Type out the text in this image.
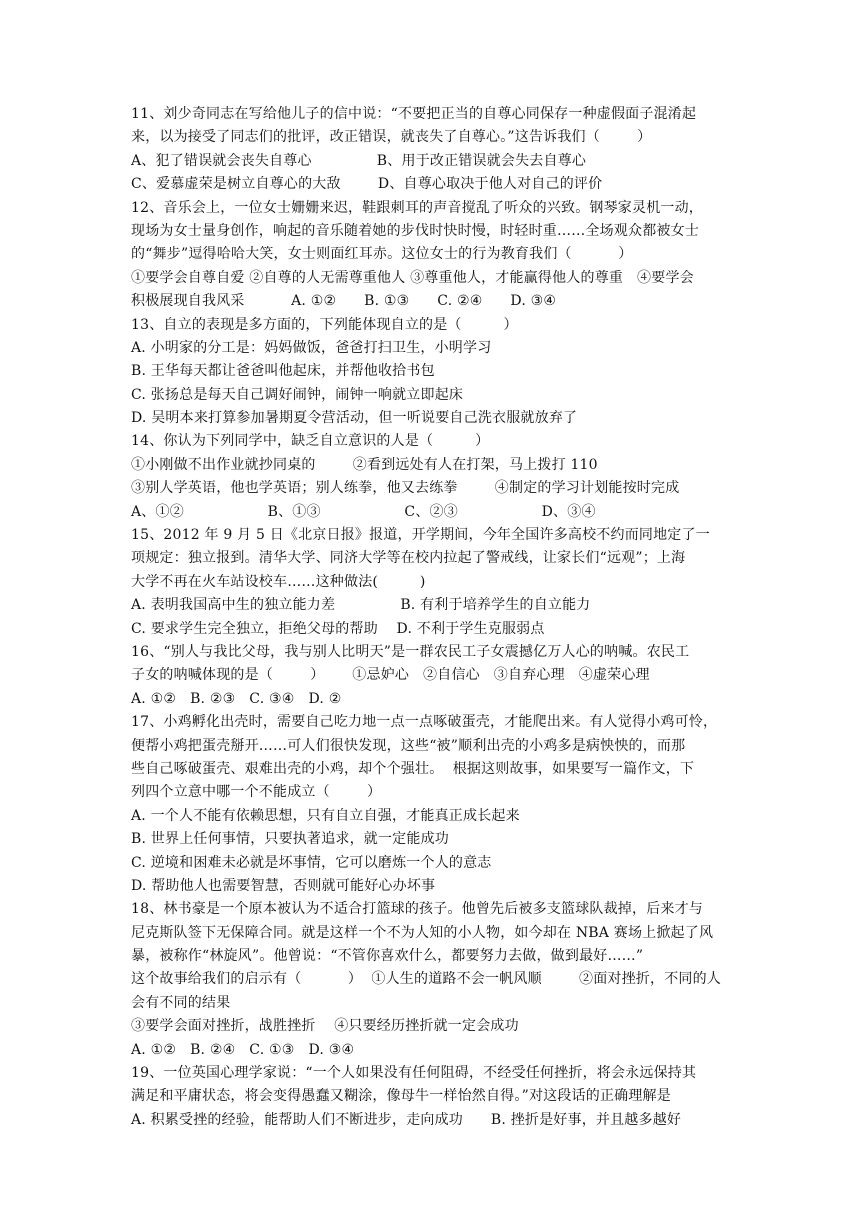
11、刘少奇同志在写给他儿子的信中说：“不要把正当的自尊心同保存一种虚假面子混淆起
来，以为接受了同志们的批评，改正错误，就丧失了自尊心。”这告诉我们（        ）
A、犯了错误就会丧失自尊心              B、用于改正错误就会失去自尊心
C、爱慕虚荣是树立自尊心的大敌        D、自尊心取决于他人对自己的评价
12、音乐会上，一位女士姗姗来迟，鞋跟刺耳的声音搅乱了听众的兴致。钢琴家灵机一动，
现场为女士量身创作，响起的音乐随着她的步伐时快时慢，时轻时重……全场观众都被女士
的“舞步”逗得哈哈大笑，女士则面红耳赤。这位女士的行为教育我们（          ）
①要学会自尊自爱 ②自尊的人无需尊重他人 ③尊重他人，才能赢得他人的尊重   ④要学会
积极展现自我风采          A. ①②      B. ①③      C. ②④      D. ③④
13、自立的表现是多方面的，下列能体现自立的是（         ）
A. 小明家的分工是：妈妈做饭，爸爸打扫卫生，小明学习
B. 王华每天都让爸爸叫他起床，并帮他收拾书包
C. 张扬总是每天自己调好闹钟，闹钟一响就立即起床
D. 吴明本来打算参加暑期夏令营活动，但一听说要自己洗衣服就放弃了
14、你认为下列同学中，缺乏自立意识的人是（         ）
①小刚做不出作业就抄同桌的        ②看到远处有人在打架，马上拨打 110
③别人学英语，他也学英语；别人练拳，他又去练拳        ④制定的学习计划能按时完成
A、①②                  B、①③                  C、②③                  D、③④
15、2012 年 9 月 5 日《北京日报》报道，开学期间，今年全国许多高校不约而同地定了一
项规定：独立报到。清华大学、同济大学等在校内拉起了警戒线，让家长们“远观”；上海
大学不再在火车站设校车……这种做法(         )
A. 表明我国高中生的独立能力差              B. 有利于培养学生的自立能力
C. 要求学生完全独立，拒绝父母的帮助    D. 不利于学生克服弱点
16、“别人与我比父母，我与别人比明天”是一群农民工子女震撼亿万人心的呐喊。农民工
子女的呐喊体现的是（        ）      ①忌妒心   ②自信心   ③自弃心理   ④虚荣心理
A. ①②   B. ②③   C. ③④   D. ②
17、小鸡孵化出壳时，需要自己吃力地一点一点啄破蛋壳，才能爬出来。有人觉得小鸡可怜，
便帮小鸡把蛋壳掰开……可人们很快发现，这些“被”顺利出壳的小鸡多是病怏怏的，而那
些自己啄破蛋壳、艰难出壳的小鸡，却个个强壮。  根据这则故事，如果要写一篇作文，下
列四个立意中哪一个不能成立（        ）
A. 一个人不能有依赖思想，只有自立自强，才能真正成长起来
B. 世界上任何事情，只要执著追求，就一定能成功
C. 逆境和困难未必就是坏事情，它可以磨炼一个人的意志
D. 帮助他人也需要智慧，否则就可能好心办坏事
18、林书豪是一个原本被认为不适合打篮球的孩子。他曾先后被多支篮球队裁掉，后来才与
尼克斯队签下无保障合同。就是这样一个不为人知的小人物，如今却在 NBA 赛场上掀起了风
暴，被称作“林旋风”。他曾说：“不管你喜欢什么，都要努力去做，做到最好……”
这个故事给我们的启示有（          ）  ①人生的道路不会一帆风顺        ②面对挫折，不同的人
会有不同的结果
③要学会面对挫折，战胜挫折    ④只要经历挫折就一定会成功
A. ①②   B. ②④   C. ①③   D. ③④
19、一位英国心理学家说：“一个人如果没有任何阻碍，不经受任何挫折，将会永远保持其
满足和平庸状态，将会变得愚蠢又糊涂，像母牛一样怡然自得。”对这段话的正确理解是
A. 积累受挫的经验，能帮助人们不断进步，走向成功      B. 挫折是好事，并且越多越好
